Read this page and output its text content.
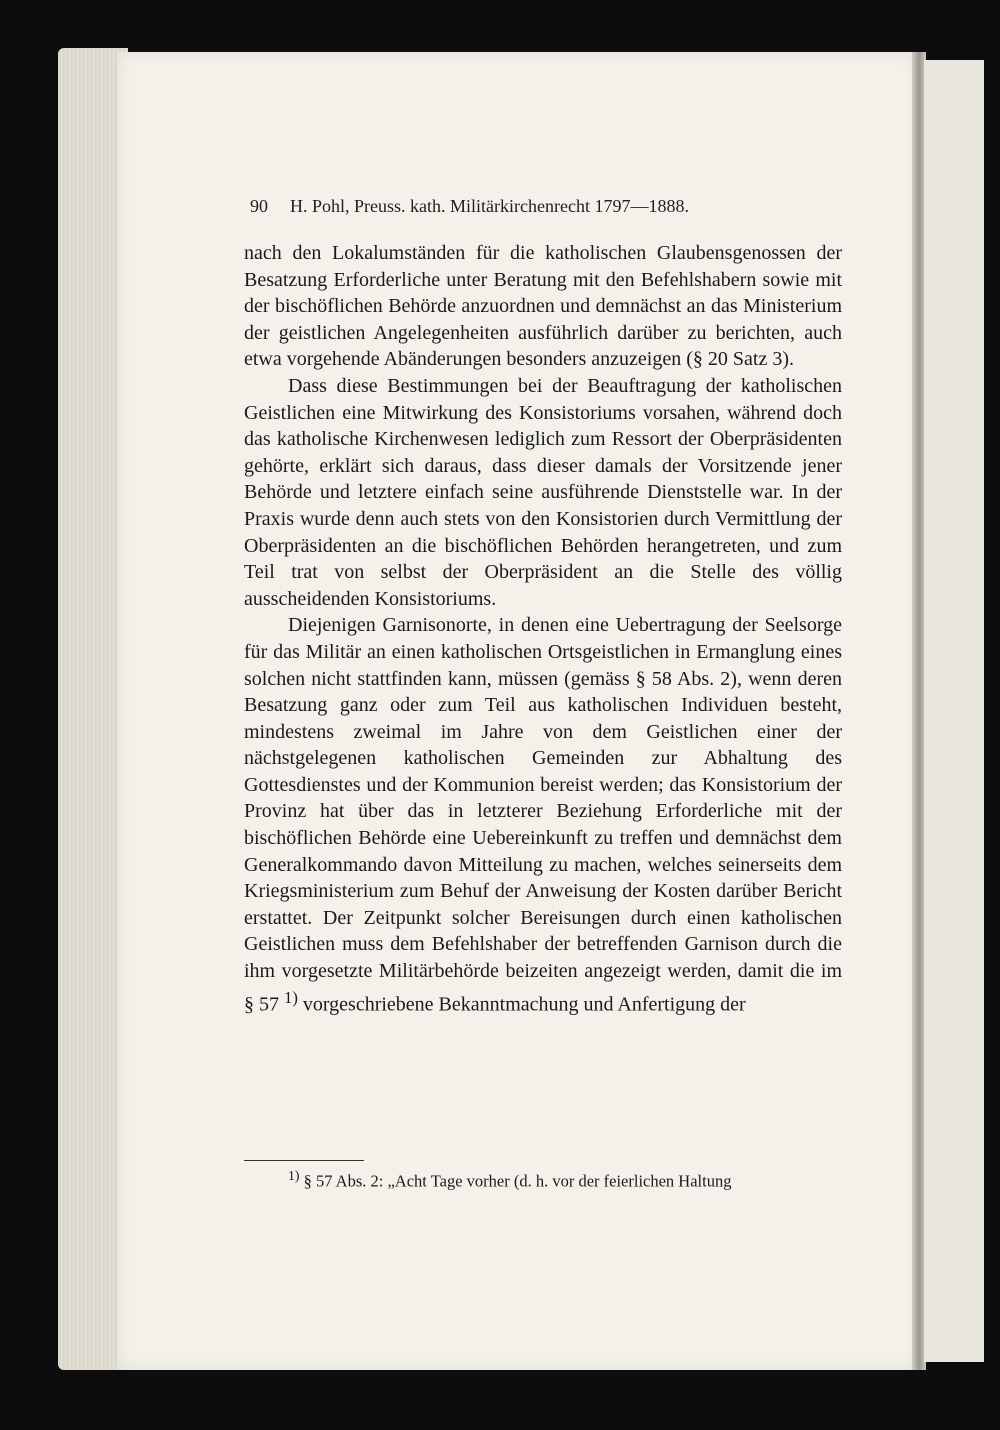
90 H. Pohl, Preuss. kath. Militärkirchenrecht 1797—1888.

nach den Lokalumständen für die katholischen Glaubensgenossen der Besatzung Erforderliche unter Beratung mit den Befehlshabern sowie mit der bischöflichen Behörde anzuordnen und demnächst an das Ministerium der geistlichen Angelegenheiten ausführlich darüber zu berichten, auch etwa vorgehende Abänderungen besonders anzuzeigen (§ 20 Satz 3).

Dass diese Bestimmungen bei der Beauftragung der katholischen Geistlichen eine Mitwirkung des Konsistoriums vorsahen, während doch das katholische Kirchenwesen lediglich zum Ressort der Oberpräsidenten gehörte, erklärt sich daraus, dass dieser damals der Vorsitzende jener Behörde und letztere einfach seine ausführende Dienststelle war. In der Praxis wurde denn auch stets von den Konsistorien durch Vermittlung der Oberpräsidenten an die bischöflichen Behörden herangetreten, und zum Teil trat von selbst der Oberpräsident an die Stelle des völlig ausscheidenden Konsistoriums.

Diejenigen Garnisonorte, in denen eine Uebertragung der Seelsorge für das Militär an einen katholischen Ortsgeistlichen in Ermanglung eines solchen nicht stattfinden kann, müssen (gemäss § 58 Abs. 2), wenn deren Besatzung ganz oder zum Teil aus katholischen Individuen besteht, mindestens zweimal im Jahre von dem Geistlichen einer der nächstgelegenen katholischen Gemeinden zur Abhaltung des Gottesdienstes und der Kommunion bereist werden; das Konsistorium der Provinz hat über das in letzterer Beziehung Erforderliche mit der bischöflichen Behörde eine Uebereinkunft zu treffen und demnächst dem Generalkommando davon Mitteilung zu machen, welches seinerseits dem Kriegsministerium zum Behuf der Anweisung der Kosten darüber Bericht erstattet. Der Zeitpunkt solcher Bereisungen durch einen katholischen Geistlichen muss dem Befehlshaber der betreffenden Garnison durch die ihm vorgesetzte Militärbehörde beizeiten angezeigt werden, damit die im § 57 $^{1)}$ vorgeschriebene Bekanntmachung und Anfertigung der

$^{1)}$ § 57 Abs. 2: „Acht Tage vorher (d. h. vor der feierlichen Haltung
